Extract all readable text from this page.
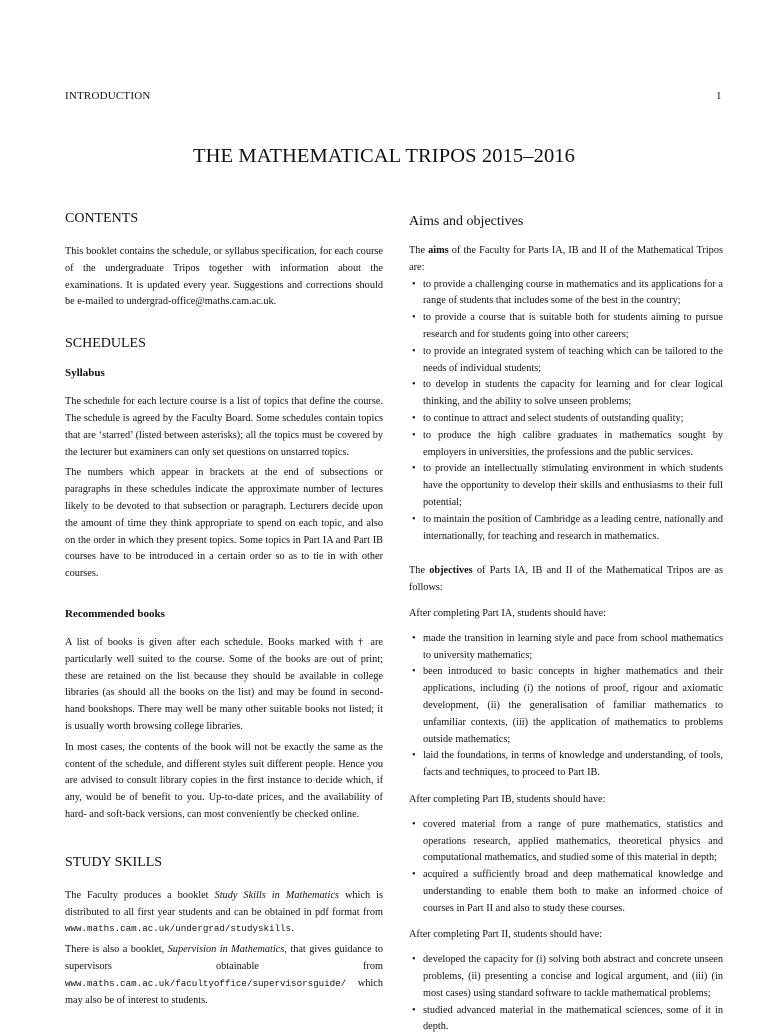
INTRODUCTION	1
THE MATHEMATICAL TRIPOS 2015–2016
CONTENTS

This booklet contains the schedule, or syllabus specification, for each course of the undergraduate Tripos together with information about the examinations. It is updated every year. Suggestions and corrections should be e-mailed to undergrad-office@maths.cam.ac.uk.

SCHEDULES
Syllabus

The schedule for each lecture course is a list of topics that define the course. The schedule is agreed by the Faculty Board. Some schedules contain topics that are ‘starred’ (listed between asterisks); all the topics must be covered by the lecturer but examiners can only set questions on unstarred topics.

The numbers which appear in brackets at the end of subsections or paragraphs in these schedules indicate the approximate number of lectures likely to be devoted to that subsection or paragraph. Lecturers decide upon the amount of time they think appropriate to spend on each topic, and also on the order in which they present topics. Some topics in Part IA and Part IB courses have to be introduced in a certain order so as to tie in with other courses.

Recommended books

A list of books is given after each schedule. Books marked with † are particularly well suited to the course. Some of the books are out of print; these are retained on the list because they should be available in college libraries (as should all the books on the list) and may be found in second-hand bookshops. There may well be many other suitable books not listed; it is usually worth browsing college libraries.

In most cases, the contents of the book will not be exactly the same as the content of the schedule, and different styles suit different people. Hence you are advised to consult library copies in the first instance to decide which, if any, would be of benefit to you. Up-to-date prices, and the availability of hard- and soft-back versions, can most conveniently be checked online.

STUDY SKILLS

The Faculty produces a booklet Study Skills in Mathematics which is distributed to all first year students and can be obtained in pdf format from www.maths.cam.ac.uk/undergrad/studyskills.

There is also a booklet, Supervision in Mathematics, that gives guidance to supervisors obtainable from www.maths.cam.ac.uk/facultyoffice/supervisorsguide/ which may also be of interest to students.

Aims and objectives

The aims of the Faculty for Parts IA, IB and II of the Mathematical Tripos are:

• to provide a challenging course in mathematics and its applications for a range of students that includes some of the best in the country;
• to provide a course that is suitable both for students aiming to pursue research and for students going into other careers;
• to provide an integrated system of teaching which can be tailored to the needs of individual students;
• to develop in students the capacity for learning and for clear logical thinking, and the ability to solve unseen problems;
• to continue to attract and select students of outstanding quality;
• to produce the high calibre graduates in mathematics sought by employers in universities, the professions and the public services.
• to provide an intellectually stimulating environment in which students have the opportunity to develop their skills and enthusiasms to their full potential;
• to maintain the position of Cambridge as a leading centre, nationally and internationally, for teaching and research in mathematics.

The objectives of Parts IA, IB and II of the Mathematical Tripos are as follows:

After completing Part IA, students should have:

• made the transition in learning style and pace from school mathematics to university mathematics;
• been introduced to basic concepts in higher mathematics and their applications, including (i) the notions of proof, rigour and axiomatic development, (ii) the generalisation of familiar mathematics to unfamiliar contexts, (iii) the application of mathematics to problems outside mathematics;
• laid the foundations, in terms of knowledge and understanding, of tools, facts and techniques, to proceed to Part IB.

After completing Part IB, students should have:

• covered material from a range of pure mathematics, statistics and operations research, applied mathematics, theoretical physics and computational mathematics, and studied some of this material in depth;
• acquired a sufficiently broad and deep mathematical knowledge and understanding to enable them both to make an informed choice of courses in Part II and also to study these courses.

After completing Part II, students should have:

• developed the capacity for (i) solving both abstract and concrete unseen problems, (ii) presenting a concise and logical argument, and (iii) (in most cases) using standard software to tackle mathematical problems;
• studied advanced material in the mathematical sciences, some of it in depth.
